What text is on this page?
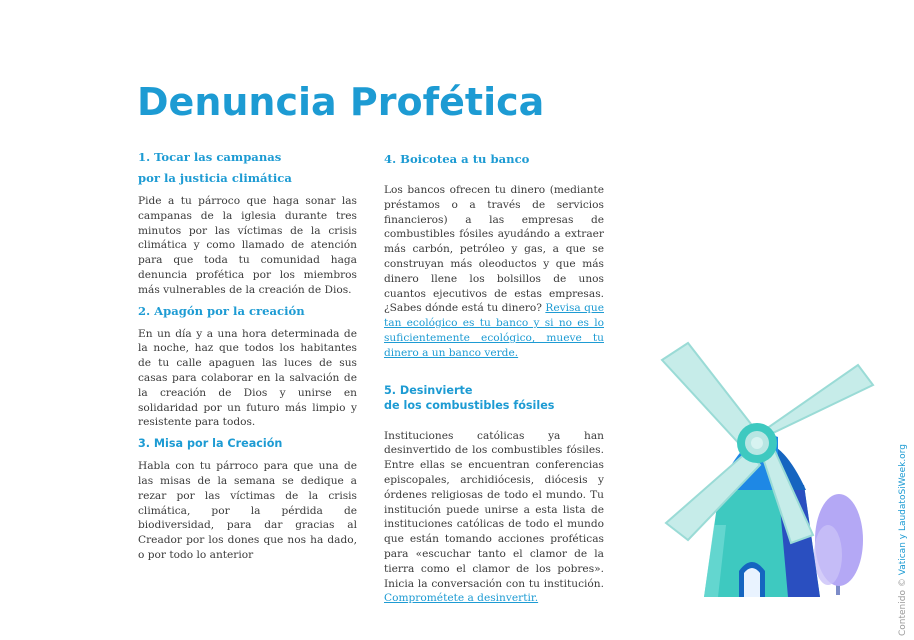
Denuncia Profética

1. Tocar las campanas

por la justicia climática

Pide a tu párroco que haga sonar las campanas de la iglesia durante tres minutos por las víctimas de la crisis climática y como llamado de atención para que toda tu comunidad haga denuncia profética por los miembros más vulnerables de la creación de Dios.

2. Apagón por la creación

En un día y a una hora determinada de la noche, haz que todos los habitantes de tu calle apaguen las luces de sus casas para colaborar en la salvación de la creación de Dios y unirse en solidaridad por un futuro más limpio y resistente para todos.

3. Misa por la Creación

Habla con tu párroco para que una de las misas de la semana se dedique a rezar por las víctimas de la crisis climática, por la pérdida de biodiversidad, para dar gracias al Creador por los dones que nos ha dado, o por todo lo anterior

4. Boicotea a tu banco

Los bancos ofrecen tu dinero (mediante préstamos o a través de servicios financieros) a las empresas de combustibles fósiles ayudándo a extraer más carbón, petróleo y gas, a que se construyan más oleoductos y que más dinero llene los bolsillos de unos cuantos ejecutivos de estas empresas. ¿Sabes dónde está tu dinero? Revisa que tan ecológico es tu banco y si no es lo suficientemente ecológico, mueve tu dinero a un banco verde.

5. Desinvierte

de los combustibles fósiles

Instituciones católicas ya han desinvertido de los combustibles fósiles. Entre ellas se encuentran conferencias episcopales, archidiócesis, diócesis y órdenes religiosas de todo el mundo. Tu institución puede unirse a esta lista de instituciones católicas de todo el mundo que están tomando acciones proféticas para «escuchar tanto el clamor de la tierra como el clamor de los pobres». Inicia la conversación con tu institución. Comprométete a desinvertir.	Contenido © Vatican y LaudatoSiWeek.org
